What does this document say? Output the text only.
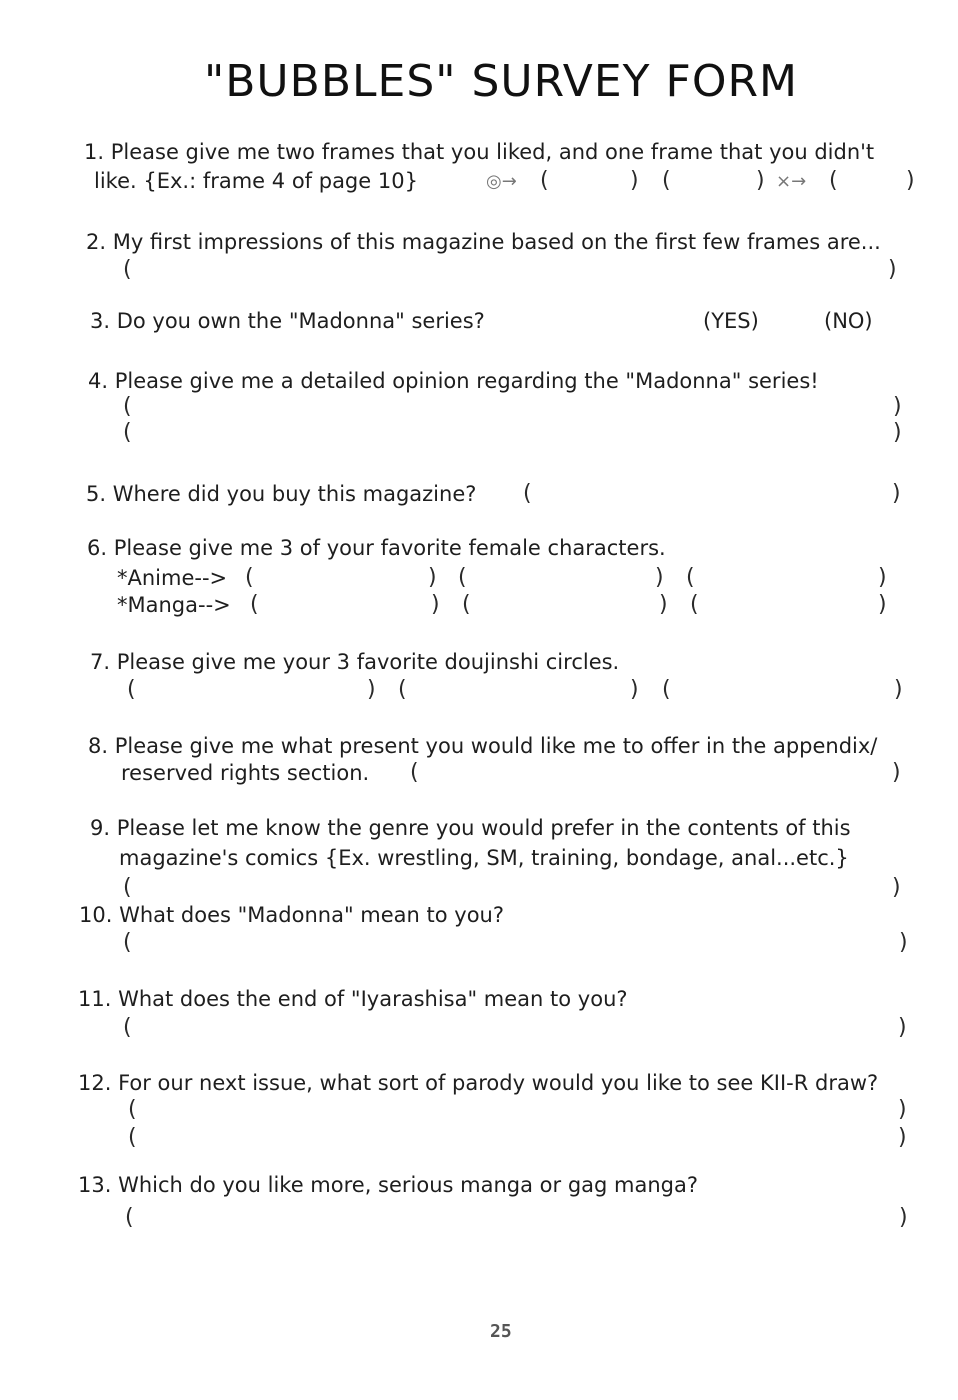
"BUBBLES" SURVEY FORM
1. Please give me two frames that you liked, and one frame that you didn't
like. {Ex.: frame 4 of page 10}	◎→ (	) (	) ×→ (	)
2. My first impressions of this magazine based on the first few frames are...
(	)
3. Do you own the "Madonna" series?	(YES)	(NO)
4. Please give me a detailed opinion regarding the "Madonna" series!
(	)
(	)
5. Where did you buy this magazine? (	)
6. Please give me 3 of your favorite female characters.
*Anime--> (	) (	) (	)
*Manga--> (	) (	) (	)
7. Please give me your 3 favorite doujinshi circles.
(	) (	) (	)
8. Please give me what present you would like me to offer in the appendix/
reserved rights section. (	)
9. Please let me know the genre you would prefer in the contents of this
magazine's comics {Ex. wrestling, SM, training, bondage, anal...etc.}
(	)
10. What does "Madonna" mean to you?
(	)
11. What does the end of "Iyarashisa" mean to you?
(	)
12. For our next issue, what sort of parody would you like to see KII-R draw?
(	)
(	)
13. Which do you like more, serious manga or gag manga?
(	)
25
